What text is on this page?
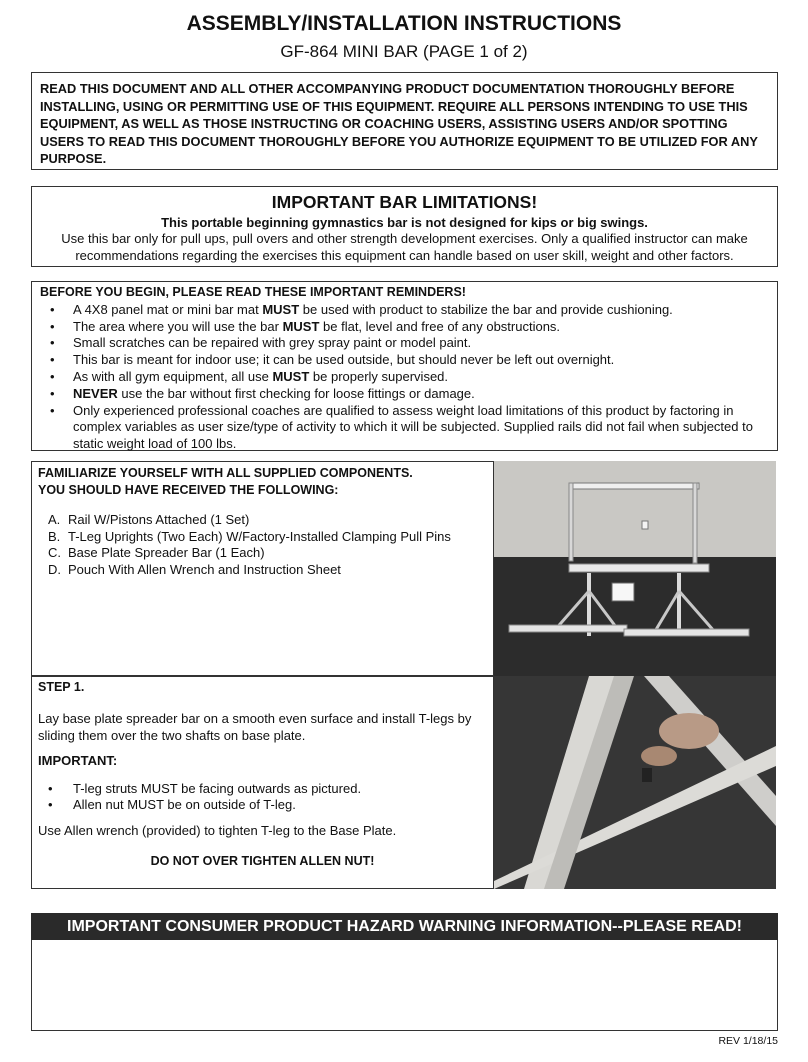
ASSEMBLY/INSTALLATION INSTRUCTIONS
GF-864 MINI BAR (PAGE 1 of 2)
READ THIS DOCUMENT AND ALL OTHER ACCOMPANYING PRODUCT DOCUMENTATION THOROUGHLY BEFORE INSTALLING, USING OR PERMITTING USE OF THIS EQUIPMENT. REQUIRE ALL PERSONS INTENDING TO USE THIS EQUIPMENT, AS WELL AS THOSE INSTRUCTING OR COACHING USERS, ASSISTING USERS AND/OR SPOTTING USERS TO READ THIS DOCUMENT THOROUGHLY BEFORE YOU AUTHORIZE EQUIPMENT TO BE UTILIZED FOR ANY PURPOSE.
IMPORTANT BAR LIMITATIONS!
This portable beginning gymnastics bar is not designed for kips or big swings.
Use this bar only for pull ups, pull overs and other strength development exercises. Only a qualified instructor can make recommendations regarding the exercises this equipment can handle based on user skill, weight and other factors.
BEFORE YOU BEGIN, PLEASE READ THESE IMPORTANT REMINDERS!
• A 4X8 panel mat or mini bar mat MUST be used with product to stabilize the bar and provide cushioning.
• The area where you will use the bar MUST be flat, level and free of any obstructions.
• Small scratches can be repaired with grey spray paint or model paint.
• This bar is meant for indoor use; it can be used outside, but should never be left out overnight.
• As with all gym equipment, all use MUST be properly supervised.
• NEVER use the bar without first checking for loose fittings or damage.
• Only experienced professional coaches are qualified to assess weight load limitations of this product by factoring in complex variables as user size/type of activity to which it will be subjected. Supplied rails did not fail when subjected to static weight load of 100 lbs.
FAMILIARIZE YOURSELF WITH ALL SUPPLIED COMPONENTS.
YOU SHOULD HAVE RECEIVED THE FOLLOWING:
A. Rail W/Pistons Attached (1 Set)
B. T-Leg Uprights (Two Each) W/Factory-Installed Clamping Pull Pins
C. Base Plate Spreader Bar (1 Each)
D. Pouch With Allen Wrench and Instruction Sheet
STEP 1.

Lay base plate spreader bar on a smooth even surface and install T-legs by sliding them over the two shafts on base plate.

IMPORTANT:

• T-leg struts MUST be facing outwards as pictured.
• Allen nut MUST be on outside of T-leg.

Use Allen wrench (provided) to tighten T-leg to the Base Plate.

DO NOT OVER TIGHTEN ALLEN NUT!

IMPORTANT CONSUMER PRODUCT HAZARD WARNING INFORMATION--PLEASE READ!
REV 1/18/15
